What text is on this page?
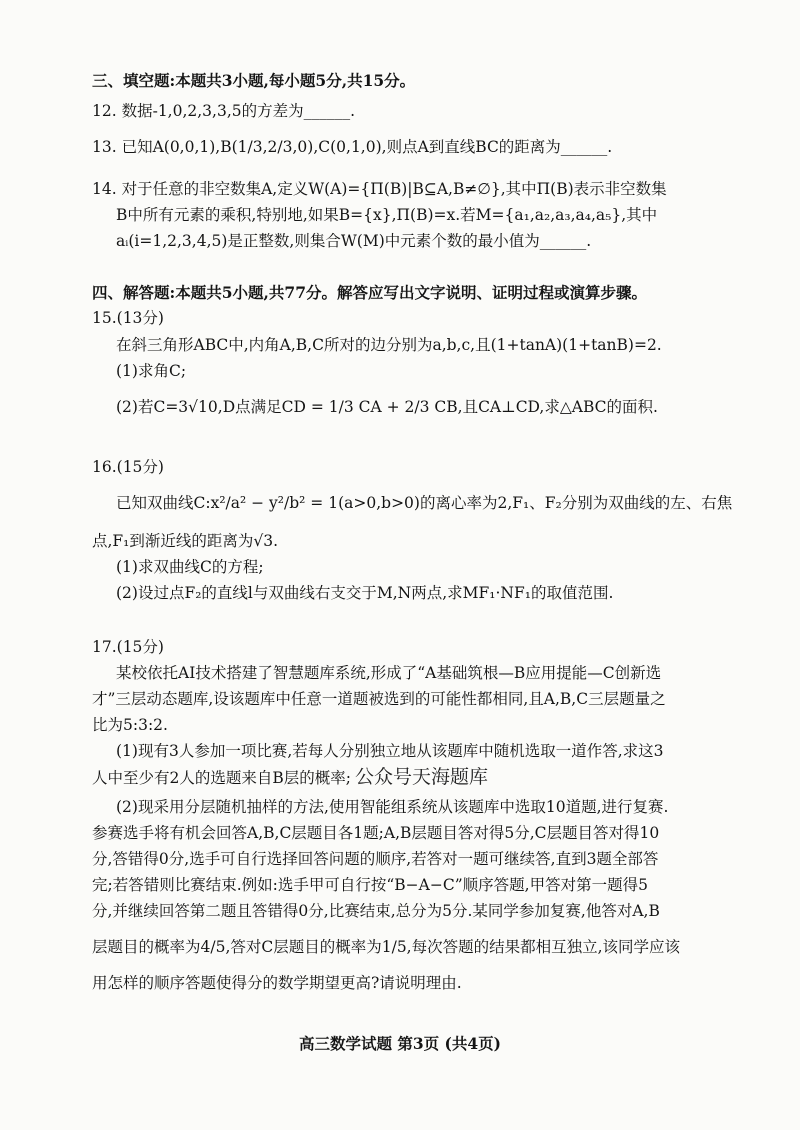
三、填空题:本题共3小题,每小题5分,共15分。
12. 数据-1,0,2,3,3,5的方差为______.
13. 已知A(0,0,1),B(1/3,2/3,0),C(0,1,0),则点A到直线BC的距离为______.
14. 对于任意的非空数集A,定义W(A)={Π(B)|B⊆A,B≠∅},其中Π(B)表示非空数集
B中所有元素的乘积,特别地,如果B={x},Π(B)=x.若M={a₁,a₂,a₃,a₄,a₅},其中
aᵢ(i=1,2,3,4,5)是正整数,则集合W(M)中元素个数的最小值为______.
四、解答题:本题共5小题,共77分。解答应写出文字说明、证明过程或演算步骤。
15.(13分)
在斜三角形ABC中,内角A,B,C所对的边分别为a,b,c,且(1+tanA)(1+tanB)=2.
(1)求角C;
(2)若C=3√10,D点满足CD = 1/3 CA + 2/3 CB,且CA⊥CD,求△ABC的面积.
16.(15分)
已知双曲线C:x²/a² − y²/b² = 1(a>0,b>0)的离心率为2,F₁、F₂分别为双曲线的左、右焦
点,F₁到渐近线的距离为√3.
(1)求双曲线C的方程;
(2)设过点F₂的直线l与双曲线右支交于M,N两点,求MF₁·NF₁的取值范围.
17.(15分)
某校依托AI技术搭建了智慧题库系统,形成了“A基础筑根—B应用提能—C创新选
才”三层动态题库,设该题库中任意一道题被选到的可能性都相同,且A,B,C三层题量之
比为5:3:2.
(1)现有3人参加一项比赛,若每人分别独立地从该题库中随机选取一道作答,求这3
人中至少有2人的选题来自B层的概率; 公众号天海题库
(2)现采用分层随机抽样的方法,使用智能组系统从该题库中选取10道题,进行复赛.
参赛选手将有机会回答A,B,C层题目各1题;A,B层题目答对得5分,C层题目答对得10
分,答错得0分,选手可自行选择回答问题的顺序,若答对一题可继续答,直到3题全部答
完;若答错则比赛结束.例如:选手甲可自行按“B−A−C”顺序答题,甲答对第一题得5
分,并继续回答第二题且答错得0分,比赛结束,总分为5分.某同学参加复赛,他答对A,B
层题目的概率为4/5,答对C层题目的概率为1/5,每次答题的结果都相互独立,该同学应该
用怎样的顺序答题使得分的数学期望更高?请说明理由.
高三数学试题 第3页 (共4页)
